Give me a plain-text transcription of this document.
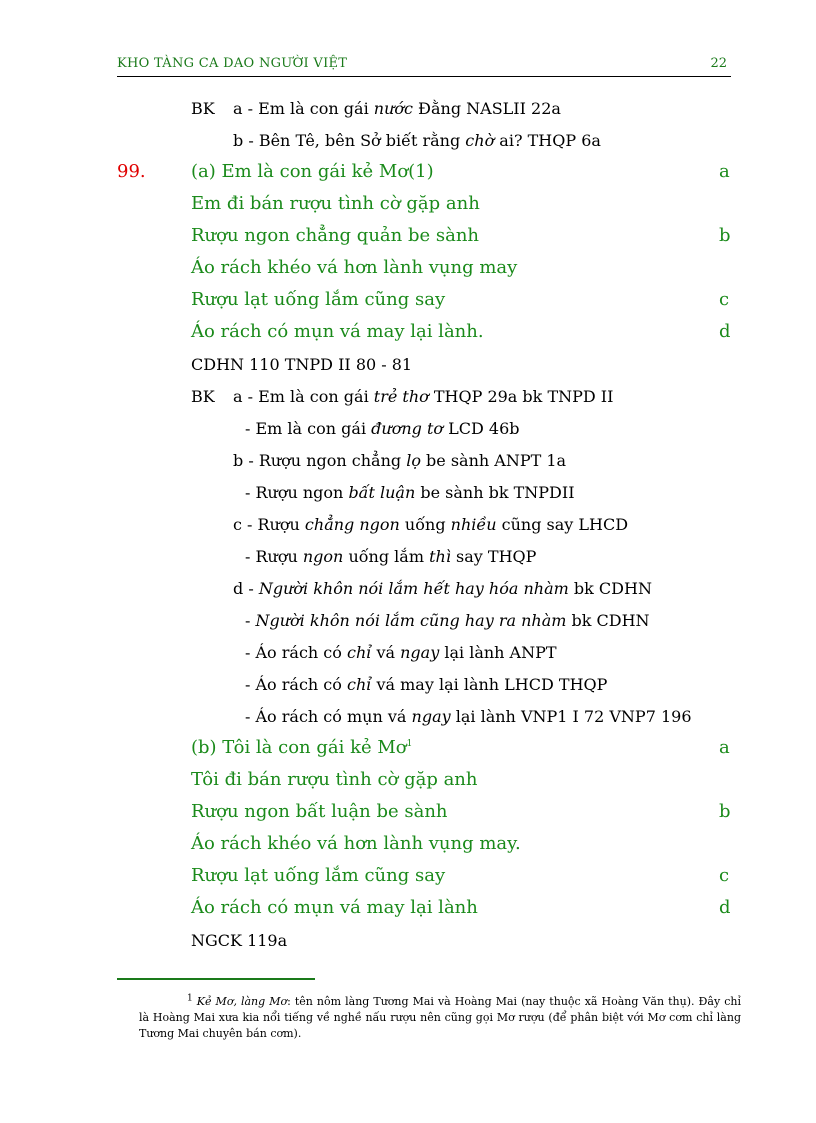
KHO TÀNG CA DAO NGƯỜI VIỆT	22
BK a - Em là con gái nước Đằng NASLII 22a
b - Bên Tê, bên Sở biết rằng chờ ai? THQP 6a
99.	(a) Em là con gái kẻ Mơ(1)	a
Em đi bán rượu tình cờ gặp anh
Rượu ngon chẳng quản be sành	b
Áo rách khéo vá hơn lành vụng may
Rượu lạt uống lắm cũng say	c
Áo rách có mụn vá may lại lành.	d
CDHN 110 TNPD II 80 - 81
BK a - Em là con gái trẻ thơ THQP 29a bk TNPD II
- Em là con gái đương tơ LCD 46b
b - Rượu ngon chẳng lọ be sành ANPT 1a
- Rượu ngon bất luận be sành bk TNPDII
c - Rượu chẳng ngon uống nhiều cũng say LHCD
- Rượu ngon uống lắm thì say THQP
d - Người khôn nói lắm hết hay hóa nhàm bk CDHN
- Người khôn nói lắm cũng hay ra nhàm bk CDHN
- Áo rách có chỉ vá ngay lại lành ANPT
- Áo rách có chỉ vá may lại lành LHCD THQP
- Áo rách có mụn vá ngay lại lành VNP1 I 72 VNP7 196
(b) Tôi là con gái kẻ $Mơ^1$	a
Tôi đi bán rượu tình cờ gặp anh
Rượu ngon bất luận be sành	b
Áo rách khéo vá hơn lành vụng may.
Rượu lạt uống lắm cũng say	c
Áo rách có mụn vá may lại lành	d
NGCK 119a
$^1$ Kẻ Mơ, làng Mơ: tên nôm làng Tương Mai và Hoàng Mai (nay thuộc xã Hoàng Văn thụ). Đây chỉ là Hoàng Mai xưa kia nổi tiếng về nghề nấu rượu nên cũng gọi Mơ rượu (để phân biệt với Mơ cơm chỉ làng Tương Mai chuyên bán cơm).
